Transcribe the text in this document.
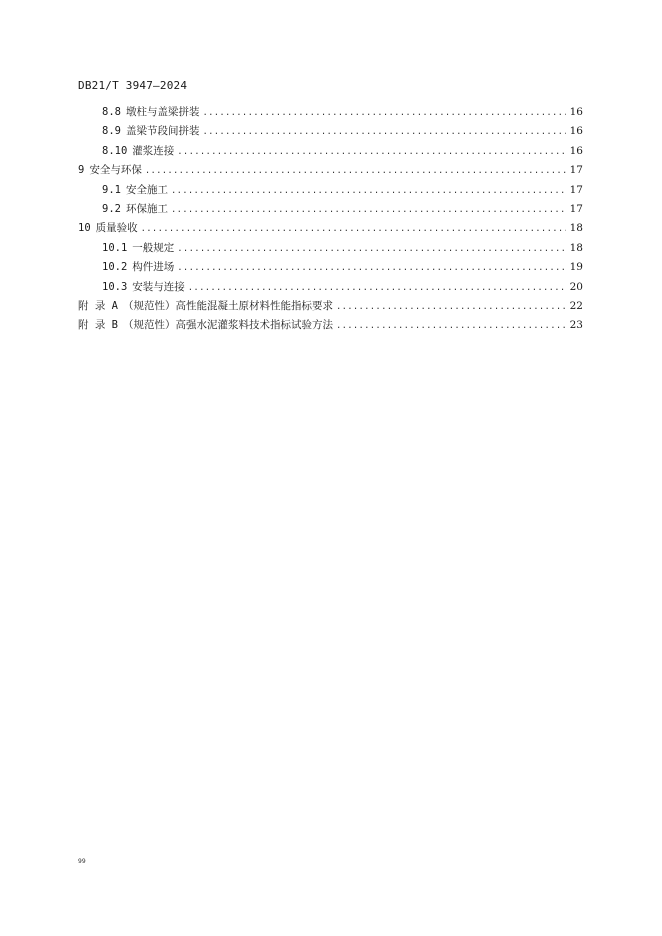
DB21/T 3947—2024
8.8 墩柱与盖梁拼装 .....	16
8.9 盖梁节段间拼装 .....	16
8.10 灌浆连接 .....	16
9 安全与环保 .....	17
9.1 安全施工 .....	17
9.2 环保施工 .....	17
10 质量验收 .....	18
10.1 一般规定 .....	18
10.2 构件进场 .....	19
10.3 安装与连接 .....	20
附 录 A （规范性）高性能混凝土原材料性能指标要求 .....	22
附 录 B （规范性）高强水泥灌浆料技术指标试验方法 .....	23
99
